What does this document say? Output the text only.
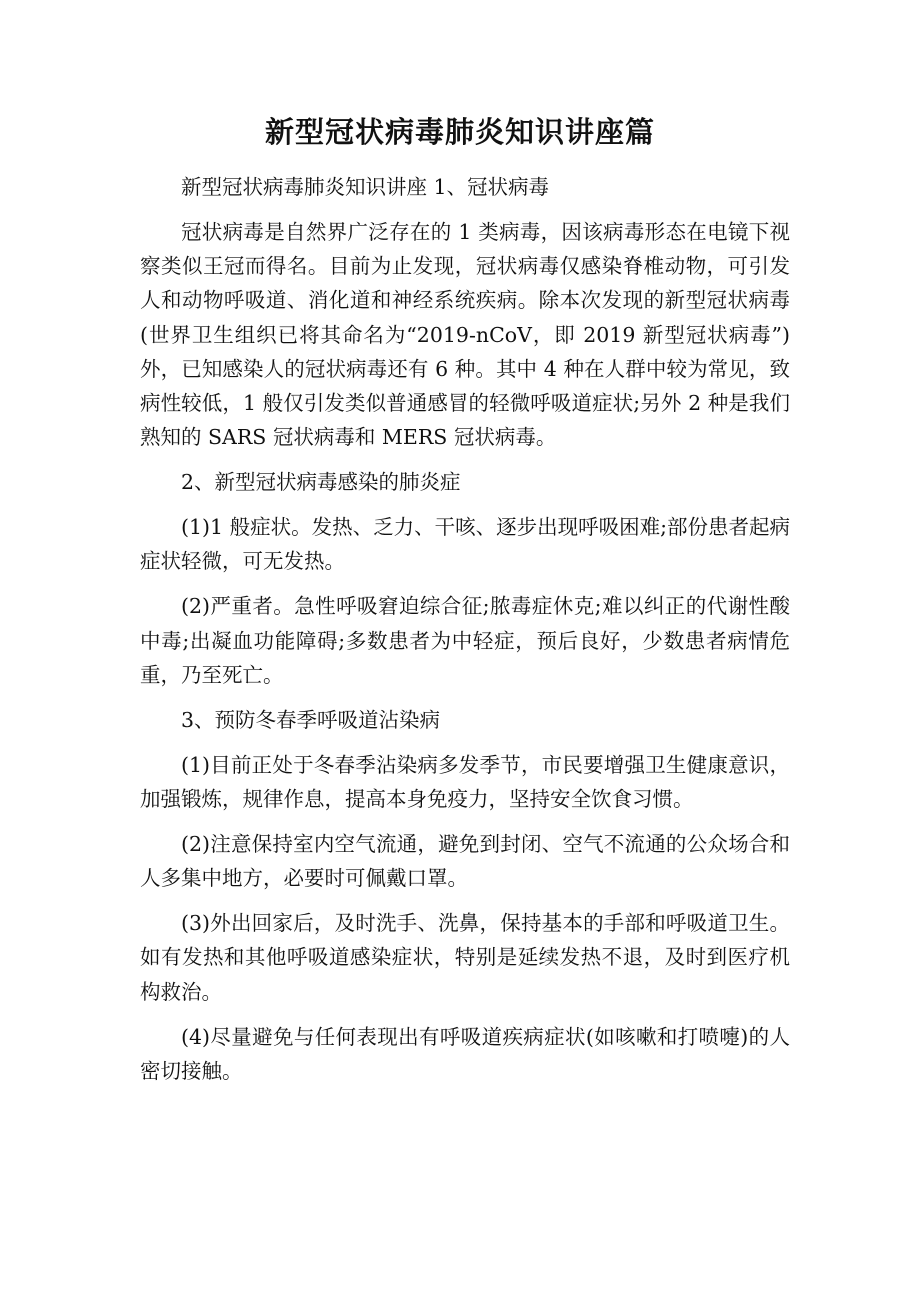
新型冠状病毒肺炎知识讲座篇

新型冠状病毒肺炎知识讲座 1、冠状病毒

冠状病毒是自然界广泛存在的 1 类病毒，因该病毒形态在电镜下视察类似王冠而得名。目前为止发现，冠状病毒仅感染脊椎动物，可引发人和动物呼吸道、消化道和神经系统疾病。除本次发现的新型冠状病毒(世界卫生组织已将其命名为“2019-nCoV，即 2019 新型冠状病毒”)外，已知感染人的冠状病毒还有 6 种。其中 4 种在人群中较为常见，致病性较低，1 般仅引发类似普通感冒的轻微呼吸道症状;另外 2 种是我们熟知的 SARS 冠状病毒和 MERS 冠状病毒。

2、新型冠状病毒感染的肺炎症

(1)1 般症状。发热、乏力、干咳、逐步出现呼吸困难;部份患者起病症状轻微，可无发热。

(2)严重者。急性呼吸窘迫综合征;脓毒症休克;难以纠正的代谢性酸中毒;出凝血功能障碍;多数患者为中轻症，预后良好，少数患者病情危重，乃至死亡。

3、预防冬春季呼吸道沾染病

(1)目前正处于冬春季沾染病多发季节，市民要增强卫生健康意识，加强锻炼，规律作息，提高本身免疫力，坚持安全饮食习惯。

(2)注意保持室内空气流通，避免到封闭、空气不流通的公众场合和人多集中地方，必要时可佩戴口罩。

(3)外出回家后，及时洗手、洗鼻，保持基本的手部和呼吸道卫生。如有发热和其他呼吸道感染症状，特别是延续发热不退，及时到医疗机构救治。

(4)尽量避免与任何表现出有呼吸道疾病症状(如咳嗽和打喷嚏)的人密切接触。
